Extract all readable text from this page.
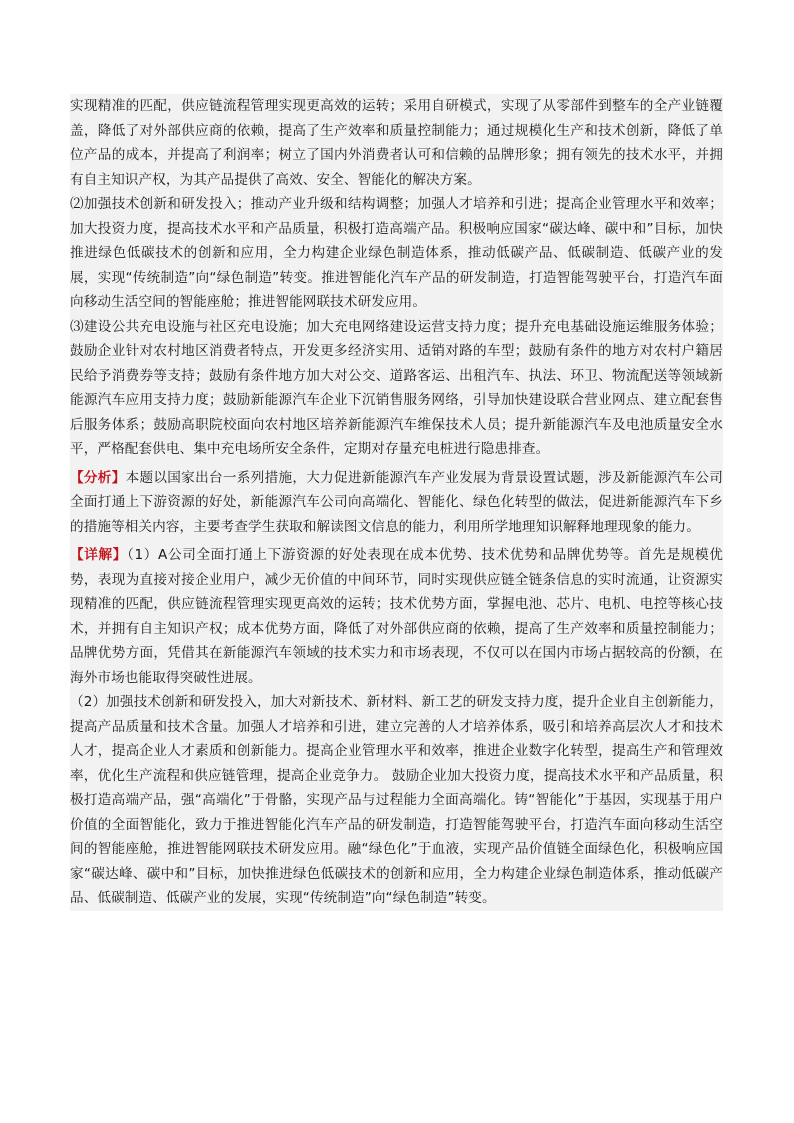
实现精准的匹配，供应链流程管理实现更高效的运转；采用自研模式，实现了从零部件到整车的全产业链覆盖，降低了对外部供应商的依赖，提高了生产效率和质量控制能力；通过规模化生产和技术创新，降低了单位产品的成本，并提高了利润率；树立了国内外消费者认可和信赖的品牌形象；拥有领先的技术水平，并拥有自主知识产权，为其产品提供了高效、安全、智能化的解决方案。

⑵加强技术创新和研发投入；推动产业升级和结构调整；加强人才培养和引进；提高企业管理水平和效率；加大投资力度，提高技术水平和产品质量，积极打造高端产品。积极响应国家“碳达峰、碳中和”目标，加快推进绿色低碳技术的创新和应用，全力构建企业绿色制造体系，推动低碳产品、低碳制造、低碳产业的发展，实现“传统制造”向“绿色制造”转变。推进智能化汽车产品的研发制造，打造智能驾驶平台，打造汽车面向移动生活空间的智能座舱；推进智能网联技术研发应用。

⑶建设公共充电设施与社区充电设施；加大充电网络建设运营支持力度；提升充电基础设施运维服务体验；鼓励企业针对农村地区消费者特点，开发更多经济实用、适销对路的车型；鼓励有条件的地方对农村户籍居民给予消费券等支持；鼓励有条件地方加大对公交、道路客运、出租汽车、执法、环卫、物流配送等领域新能源汽车应用支持力度；鼓励新能源汽车企业下沉销售服务网络，引导加快建设联合营业网点、建立配套售后服务体系；鼓励高职院校面向农村地区培养新能源汽车维保技术人员；提升新能源汽车及电池质量安全水平，严格配套供电、集中充电场所安全条件，定期对存量充电桩进行隐患排查。

【分析】本题以国家出台一系列措施，大力促进新能源汽车产业发展为背景设置试题，涉及新能源汽车公司全面打通上下游资源的好处，新能源汽车公司向高端化、智能化、绿色化转型的做法，促进新能源汽车下乡的措施等相关内容，主要考查学生获取和解读图文信息的能力，利用所学地理知识解释地理现象的能力。

【详解】（1）A公司全面打通上下游资源的好处表现在成本优势、技术优势和品牌优势等。首先是规模优势，表现为直接对接企业用户，减少无价值的中间环节，同时实现供应链全链条信息的实时流通，让资源实现精准的匹配，供应链流程管理实现更高效的运转；技术优势方面，掌握电池、芯片、电机、电控等核心技术，并拥有自主知识产权；成本优势方面，降低了对外部供应商的依赖，提高了生产效率和质量控制能力；品牌优势方面，凭借其在新能源汽车领域的技术实力和市场表现，不仅可以在国内市场占据较高的份额，在海外市场也能取得突破性进展。

（2）加强技术创新和研发投入，加大对新技术、新材料、新工艺的研发支持力度，提升企业自主创新能力，提高产品质量和技术含量。加强人才培养和引进，建立完善的人才培养体系，吸引和培养高层次人才和技术人才，提高企业人才素质和创新能力。提高企业管理水平和效率，推进企业数字化转型，提高生产和管理效率，优化生产流程和供应链管理，提高企业竞争力。 鼓励企业加大投资力度，提高技术水平和产品质量，积极打造高端产品，强“高端化”于骨骼，实现产品与过程能力全面高端化。铸“智能化”于基因，实现基于用户价值的全面智能化，致力于推进智能化汽车产品的研发制造，打造智能驾驶平台，打造汽车面向移动生活空间的智能座舱，推进智能网联技术研发应用。融“绿色化”于血液，实现产品价值链全面绿色化，积极响应国家“碳达峰、碳中和”目标，加快推进绿色低碳技术的创新和应用，全力构建企业绿色制造体系，推动低碳产品、低碳制造、低碳产业的发展，实现“传统制造”向“绿色制造”转变。
